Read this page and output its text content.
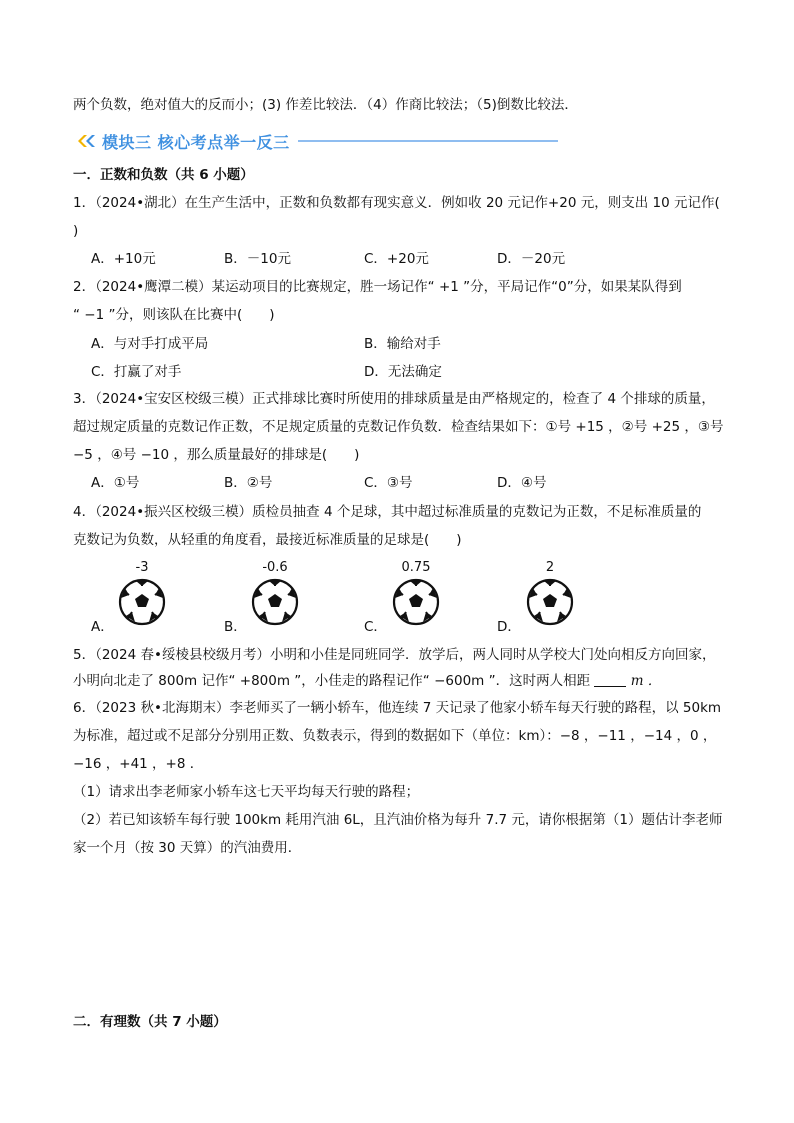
两个负数，绝对值大的反而小；(3) 作差比较法．（4）作商比较法；（5)倒数比较法．
模块三 核心考点举一反三
一．正数和负数（共 6 小题）
1．（2024•湖北）在生产生活中，正数和负数都有现实意义．例如收 20 元记作+20 元，则支出 10 元记作(
)
A．+10元	B．－10元	C．+20元	D．－20元
2．（2024•鹰潭二模）某运动项目的比赛规定，胜一场记作“ +1 ”分，平局记作“0”分，如果某队得到
“ −1 ”分，则该队在比赛中(　　)
A．与对手打成平局	B．输给对手
C．打赢了对手	D．无法确定
3．（2024•宝安区校级三模）正式排球比赛时所使用的排球质量是由严格规定的，检查了 4 个排球的质量，
超过规定质量的克数记作正数，不足规定质量的克数记作负数．检查结果如下：①号 +15 ，②号 +25 ，③号
−5 ，④号 −10 ，那么质量最好的排球是(　　)
A．①号	B．②号	C．③号	D．④号
4．（2024•振兴区校级三模）质检员抽查 4 个足球，其中超过标准质量的克数记为正数，不足标准质量的
克数记为负数，从轻重的角度看，最接近标准质量的足球是(　　)
-3
A．
-0.6
B．
0.75
C．
2
D．
5．（2024 春•绥棱县校级月考）小明和小佳是同班同学．放学后，两人同时从学校大门处向相反方向回家，
小明向北走了 800m 记作“ +800m ”，小佳走的路程记作“ −600m ”．这时两人相距	m ．
6．（2023 秋•北海期末）李老师买了一辆小轿车，他连续 7 天记录了他家小轿车每天行驶的路程，以 50km
为标准，超过或不足部分分别用正数、负数表示，得到的数据如下（单位：km）：−8 ，−11 ，−14 ，0 ，
−16 ，+41 ，+8 ．
（1）请求出李老师家小轿车这七天平均每天行驶的路程；
（2）若已知该轿车每行驶 100km 耗用汽油 6L，且汽油价格为每升 7.7 元，请你根据第（1）题估计李老师
家一个月（按 30 天算）的汽油费用．
二．有理数（共 7 小题）
